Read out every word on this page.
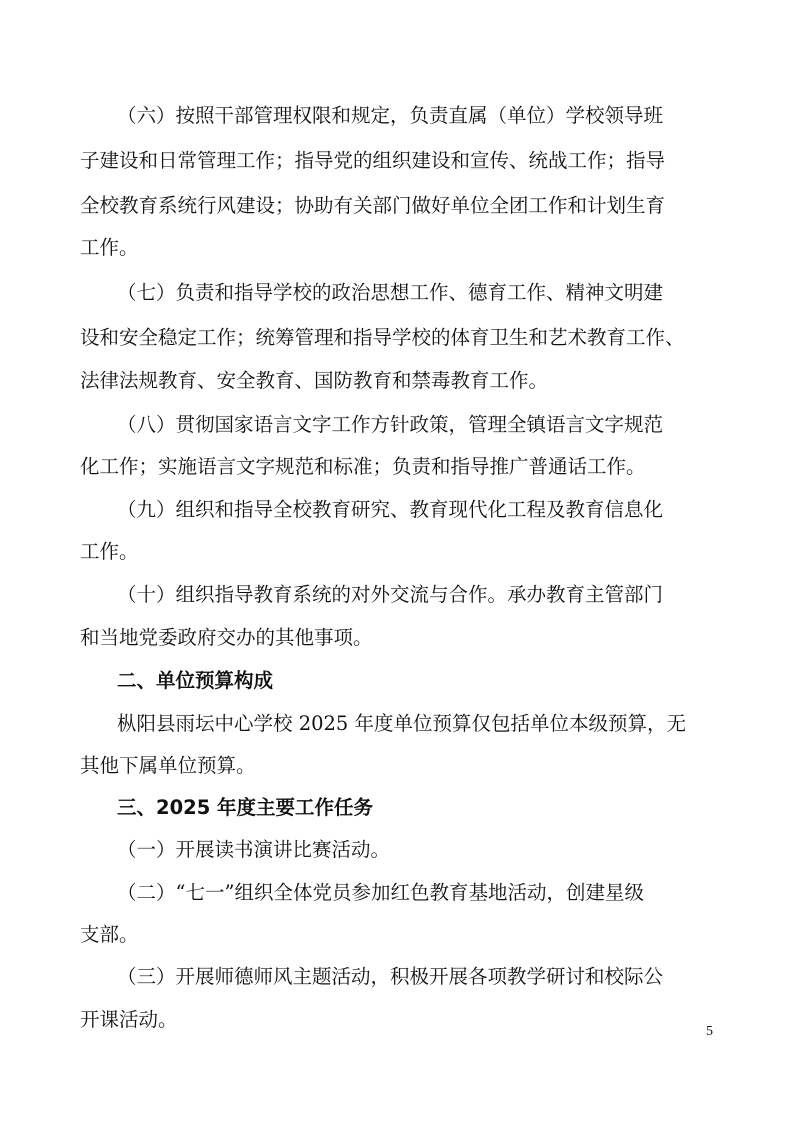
（六）按照干部管理权限和规定，负责直属（单位）学校领导班
子建设和日常管理工作；指导党的组织建设和宣传、统战工作；指导
全校教育系统行风建设；协助有关部门做好单位全团工作和计划生育
工作。
（七）负责和指导学校的政治思想工作、德育工作、精神文明建
设和安全稳定工作；统筹管理和指导学校的体育卫生和艺术教育工作、
法律法规教育、安全教育、国防教育和禁毒教育工作。
（八）贯彻国家语言文字工作方针政策，管理全镇语言文字规范
化工作；实施语言文字规范和标准；负责和指导推广普通话工作。
（九）组织和指导全校教育研究、教育现代化工程及教育信息化
工作。
（十）组织指导教育系统的对外交流与合作。承办教育主管部门
和当地党委政府交办的其他事项。
二、单位预算构成
枞阳县雨坛中心学校 2025 年度单位预算仅包括单位本级预算，无
其他下属单位预算。
三、2025 年度主要工作任务
（一）开展读书演讲比赛活动。
（二）“七一”组织全体党员参加红色教育基地活动，创建星级
支部。
（三）开展师德师风主题活动，积极开展各项教学研讨和校际公
开课活动。
5
